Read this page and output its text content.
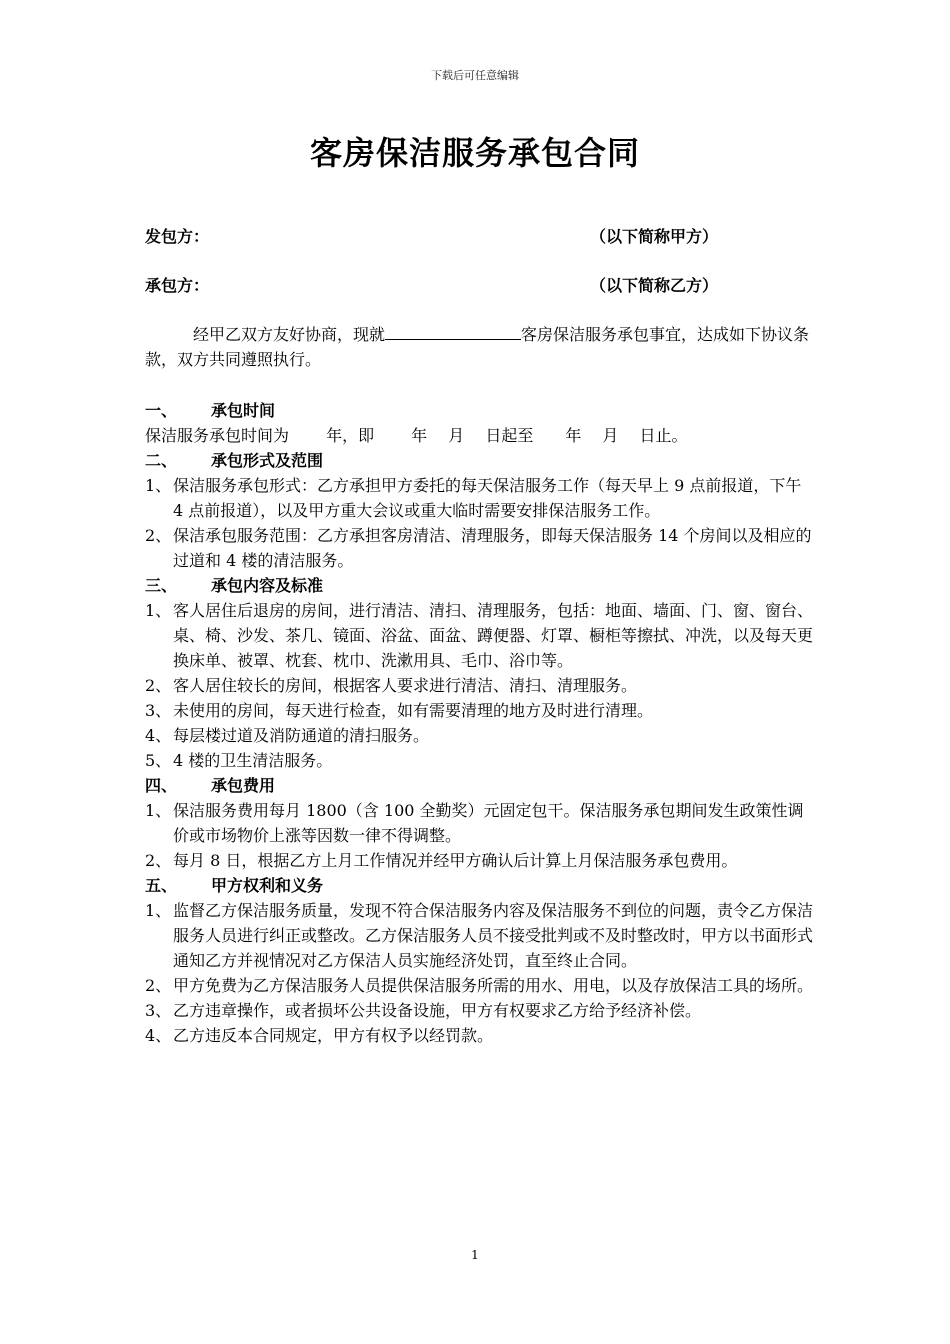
下载后可任意编辑
客房保洁服务承包合同
发包方：	（以下简称甲方）
承包方：	（以下简称乙方）

经甲乙双方友好协商，现就	客房保洁服务承包事宜，达成如下协议条款，双方共同遵照执行。

一、 承包时间

保洁服务承包时间为　　 年，即　　 年　 月　 日起至　　年　 月　 日止。

二、 承包形式及范围
1、 保洁服务承包形式：乙方承担甲方委托的每天保洁服务工作（每天早上 9 点前报道，下午 4 点前报道），以及甲方重大会议或重大临时需要安排保洁服务工作。
2、 保洁承包服务范围：乙方承担客房清洁、清理服务，即每天保洁服务 14 个房间以及相应的过道和 4 楼的清洁服务。
三、 承包内容及标准
1、 客人居住后退房的房间，进行清洁、清扫、清理服务，包括：地面、墙面、门、窗、窗台、桌、椅、沙发、茶几、镜面、浴盆、面盆、蹲便器、灯罩、橱柜等擦拭、冲洗，以及每天更换床单、被罩、枕套、枕巾、洗漱用具、毛巾、浴巾等。
2、 客人居住较长的房间，根据客人要求进行清洁、清扫、清理服务。
3、 未使用的房间，每天进行检查，如有需要清理的地方及时进行清理。
4、 每层楼过道及消防通道的清扫服务。
5、 4 楼的卫生清洁服务。
四、 承包费用
1、 保洁服务费用每月 1800（含 100 全勤奖）元固定包干。保洁服务承包期间发生政策性调价或市场物价上涨等因数一律不得调整。
2、 每月 8 日，根据乙方上月工作情况并经甲方确认后计算上月保洁服务承包费用。
五、 甲方权利和义务
1、 监督乙方保洁服务质量，发现不符合保洁服务内容及保洁服务不到位的问题，责令乙方保洁服务人员进行纠正或整改。乙方保洁服务人员不接受批判或不及时整改时，甲方以书面形式通知乙方并视情况对乙方保洁人员实施经济处罚，直至终止合同。
2、 甲方免费为乙方保洁服务人员提供保洁服务所需的用水、用电，以及存放保洁工具的场所。
3、 乙方违章操作，或者损坏公共设备设施，甲方有权要求乙方给予经济补偿。
4、 乙方违反本合同规定，甲方有权予以经罚款。
1
